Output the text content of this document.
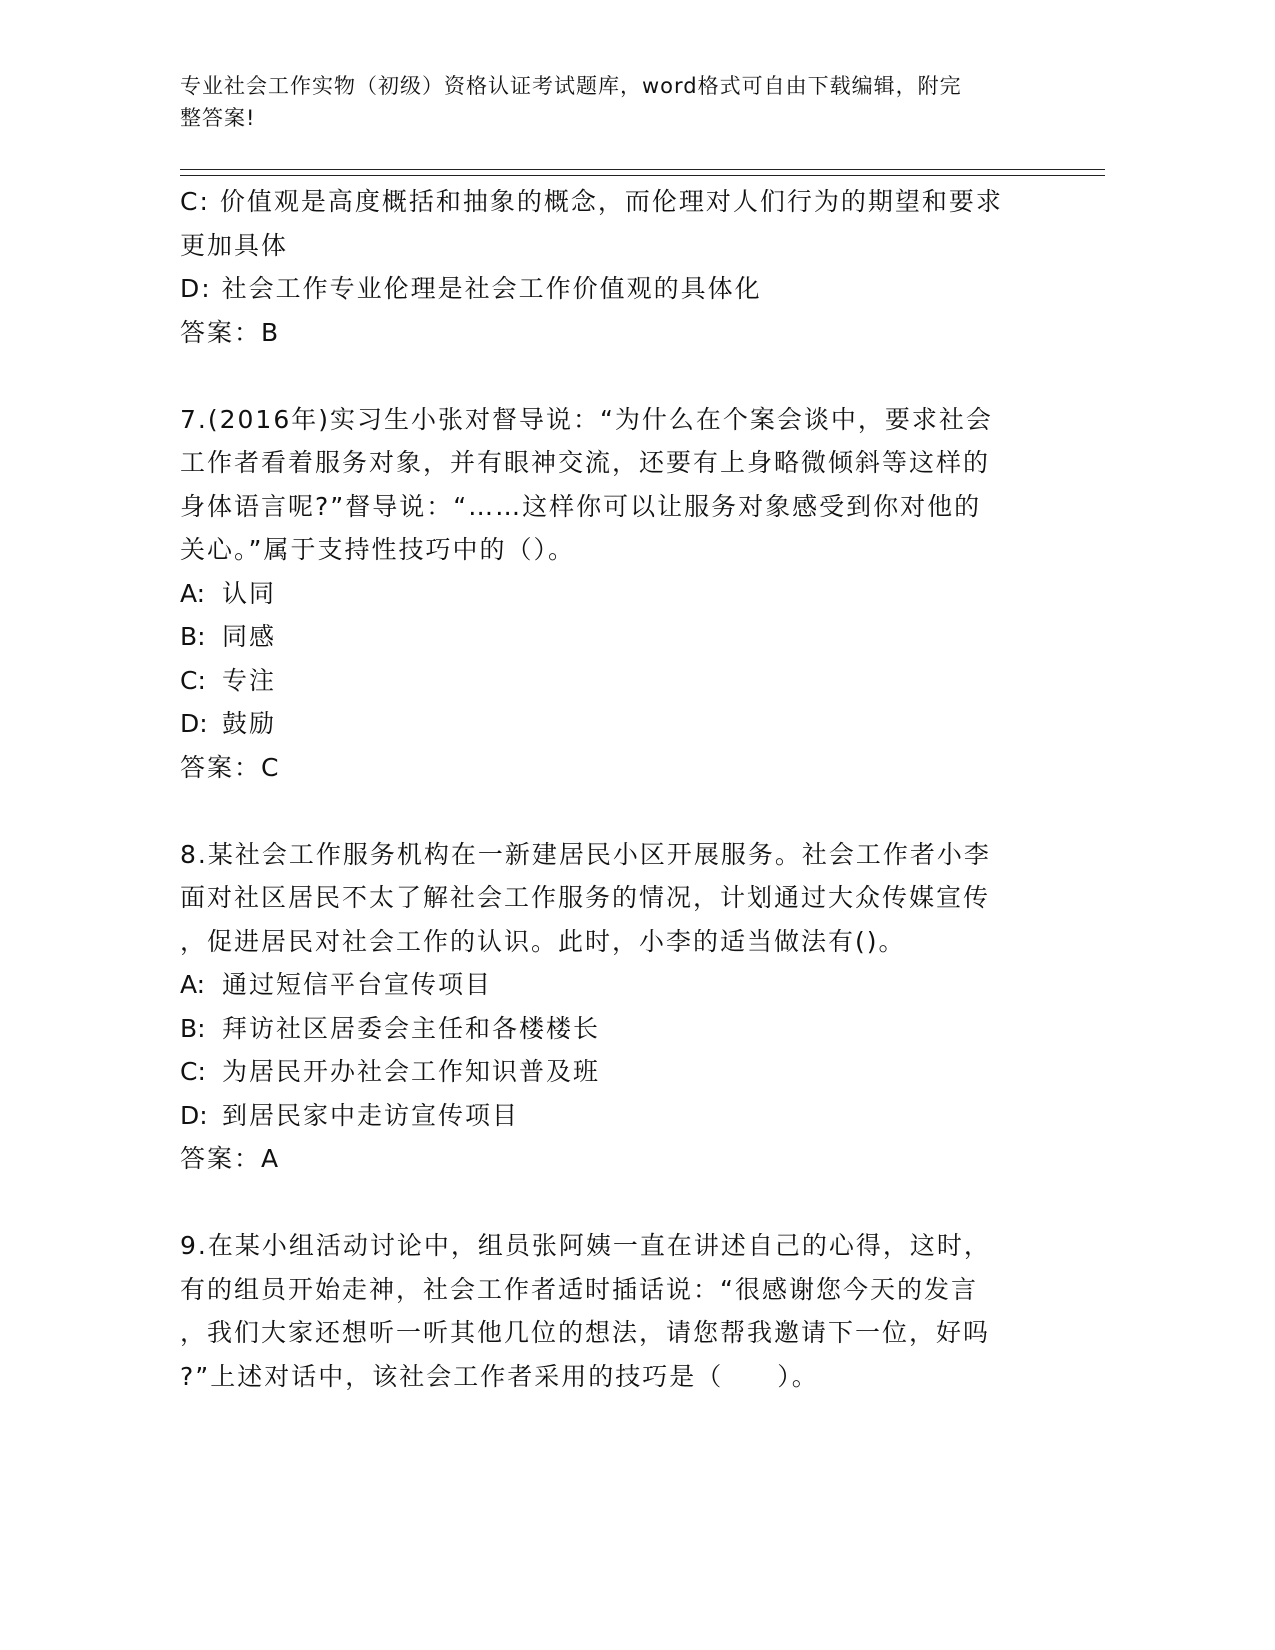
专业社会工作实物（初级）资格认证考试题库，word格式可自由下载编辑，附完
整答案!
C: 价值观是高度概括和抽象的概念，而伦理对人们行为的期望和要求
更加具体
D: 社会工作专业伦理是社会工作价值观的具体化
答案：B
7.(2016年)实习生小张对督导说：“为什么在个案会谈中，要求社会
工作者看着服务对象，并有眼神交流，还要有上身略微倾斜等这样的
身体语言呢?”督导说：“……这样你可以让服务对象感受到你对他的
关心。”属于支持性技巧中的（）。
A: 认同
B: 同感
C: 专注
D: 鼓励
答案：C
8.某社会工作服务机构在一新建居民小区开展服务。社会工作者小李
面对社区居民不太了解社会工作服务的情况，计划通过大众传媒宣传
，促进居民对社会工作的认识。此时，小李的适当做法有()。
A: 通过短信平台宣传项目
B: 拜访社区居委会主任和各楼楼长
C: 为居民开办社会工作知识普及班
D: 到居民家中走访宣传项目
答案：A
9.在某小组活动讨论中，组员张阿姨一直在讲述自己的心得，这时，
有的组员开始走神，社会工作者适时插话说：“很感谢您今天的发言
，我们大家还想听一听其他几位的想法，请您帮我邀请下一位，好吗
?”上述对话中，该社会工作者采用的技巧是（　　）。
